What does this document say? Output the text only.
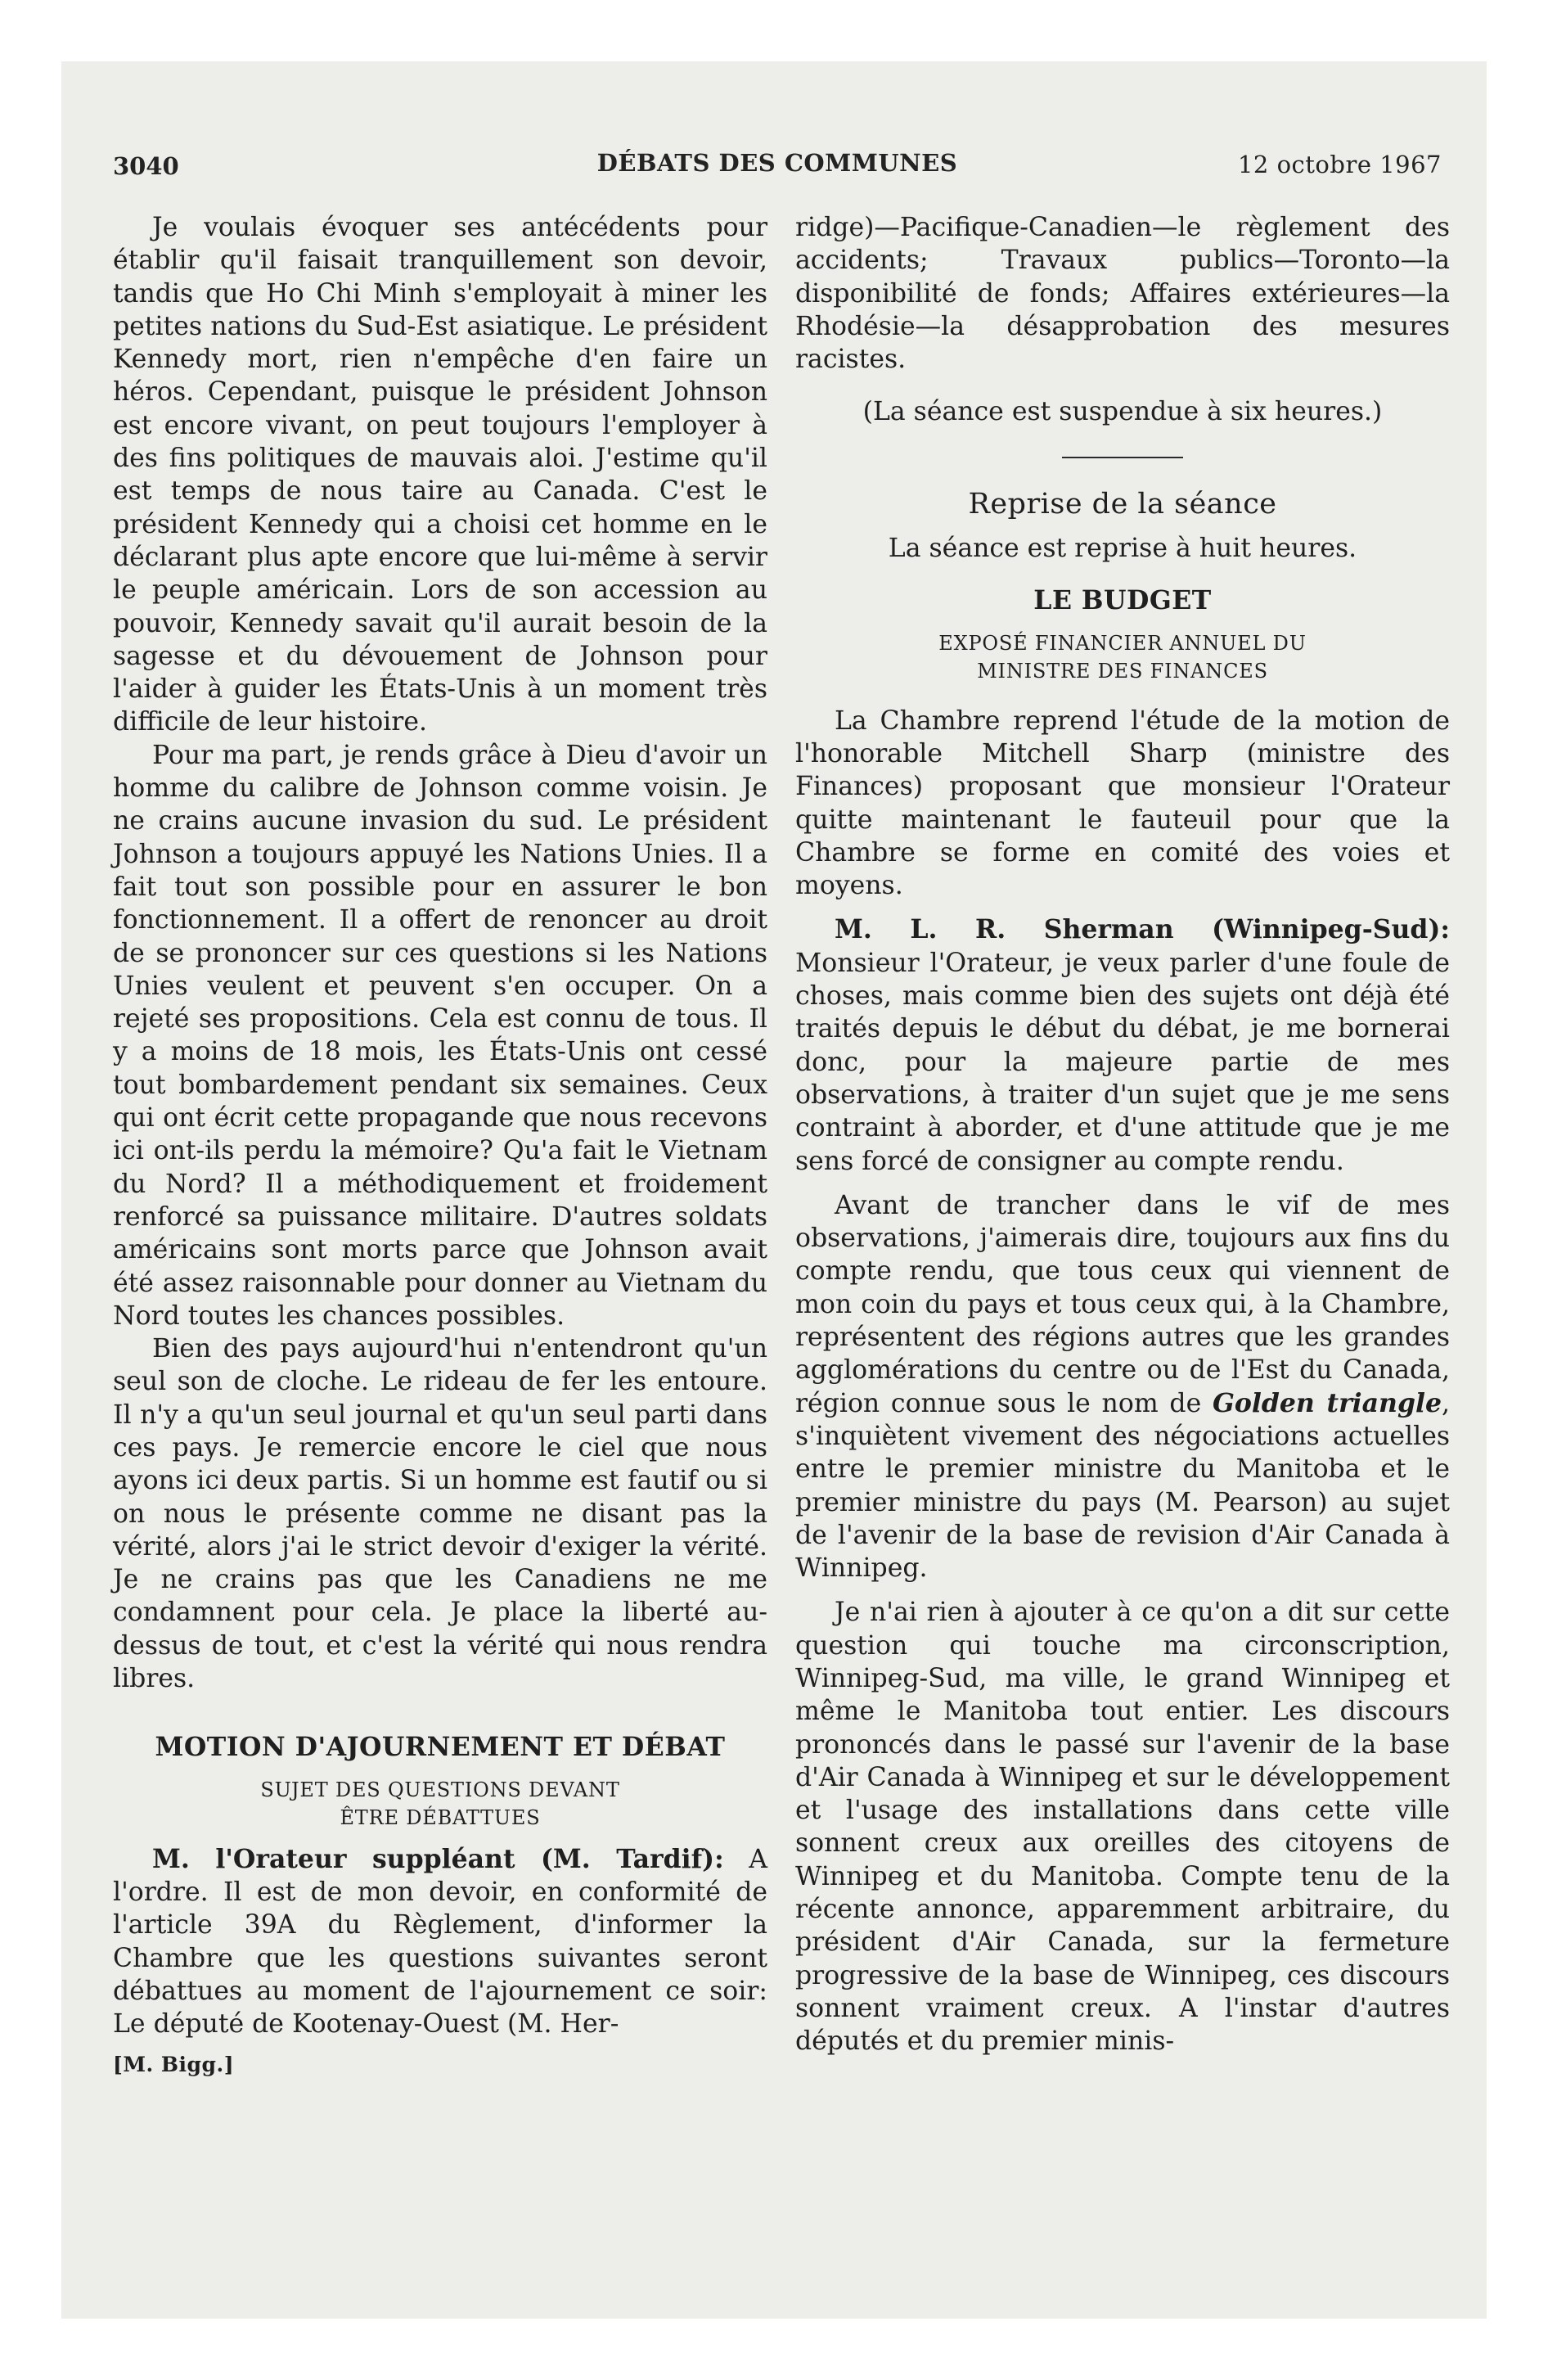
3040	DÉBATS DES COMMUNES	12 octobre 1967

Je voulais évoquer ses antécédents pour établir qu'il faisait tranquillement son devoir, tandis que Ho Chi Minh s'employait à miner les petites nations du Sud-Est asiatique. Le président Kennedy mort, rien n'empêche d'en faire un héros. Cependant, puisque le président Johnson est encore vivant, on peut toujours l'employer à des fins politiques de mauvais aloi. J'estime qu'il est temps de nous taire au Canada. C'est le président Kennedy qui a choisi cet homme en le déclarant plus apte encore que lui-même à servir le peuple américain. Lors de son accession au pouvoir, Kennedy savait qu'il aurait besoin de la sagesse et du dévouement de Johnson pour l'aider à guider les États-Unis à un moment très difficile de leur histoire.

Pour ma part, je rends grâce à Dieu d'avoir un homme du calibre de Johnson comme voisin. Je ne crains aucune invasion du sud. Le président Johnson a toujours appuyé les Nations Unies. Il a fait tout son possible pour en assurer le bon fonctionnement. Il a offert de renoncer au droit de se prononcer sur ces questions si les Nations Unies veulent et peuvent s'en occuper. On a rejeté ses propositions. Cela est connu de tous. Il y a moins de 18 mois, les États-Unis ont cessé tout bombardement pendant six semaines. Ceux qui ont écrit cette propagande que nous recevons ici ont-ils perdu la mémoire? Qu'a fait le Vietnam du Nord? Il a méthodiquement et froidement renforcé sa puissance militaire. D'autres soldats américains sont morts parce que Johnson avait été assez raisonnable pour donner au Vietnam du Nord toutes les chances possibles.

Bien des pays aujourd'hui n'entendront qu'un seul son de cloche. Le rideau de fer les entoure. Il n'y a qu'un seul journal et qu'un seul parti dans ces pays. Je remercie encore le ciel que nous ayons ici deux partis. Si un homme est fautif ou si on nous le présente comme ne disant pas la vérité, alors j'ai le strict devoir d'exiger la vérité. Je ne crains pas que les Canadiens ne me condamnent pour cela. Je place la liberté au-dessus de tout, et c'est la vérité qui nous rendra libres.

MOTION D'AJOURNEMENT ET DÉBAT
SUJET DES QUESTIONS DEVANT
ÊTRE DÉBATTUES

M. l'Orateur suppléant (M. Tardif): A l'ordre. Il est de mon devoir, en conformité de l'article 39A du Règlement, d'informer la Chambre que les questions suivantes seront débattues au moment de l'ajournement ce soir: Le député de Kootenay-Ouest (M. Her-

[M. Bigg.]

ridge)—Pacifique-Canadien—le règlement des accidents; Travaux publics—Toronto—la disponibilité de fonds; Affaires extérieures—la Rhodésie—la désapprobation des mesures racistes.

(La séance est suspendue à six heures.)

Reprise de la séance

La séance est reprise à huit heures.

LE BUDGET
EXPOSÉ FINANCIER ANNUEL DU
MINISTRE DES FINANCES

La Chambre reprend l'étude de la motion de l'honorable Mitchell Sharp (ministre des Finances) proposant que monsieur l'Orateur quitte maintenant le fauteuil pour que la Chambre se forme en comité des voies et moyens.

M. L. R. Sherman (Winnipeg-Sud): Monsieur l'Orateur, je veux parler d'une foule de choses, mais comme bien des sujets ont déjà été traités depuis le début du débat, je me bornerai donc, pour la majeure partie de mes observations, à traiter d'un sujet que je me sens contraint à aborder, et d'une attitude que je me sens forcé de consigner au compte rendu.

Avant de trancher dans le vif de mes observations, j'aimerais dire, toujours aux fins du compte rendu, que tous ceux qui viennent de mon coin du pays et tous ceux qui, à la Chambre, représentent des régions autres que les grandes agglomérations du centre ou de l'Est du Canada, région connue sous le nom de Golden triangle, s'inquiètent vivement des négociations actuelles entre le premier ministre du Manitoba et le premier ministre du pays (M. Pearson) au sujet de l'avenir de la base de revision d'Air Canada à Winnipeg.

Je n'ai rien à ajouter à ce qu'on a dit sur cette question qui touche ma circonscription, Winnipeg-Sud, ma ville, le grand Winnipeg et même le Manitoba tout entier. Les discours prononcés dans le passé sur l'avenir de la base d'Air Canada à Winnipeg et sur le développement et l'usage des installations dans cette ville sonnent creux aux oreilles des citoyens de Winnipeg et du Manitoba. Compte tenu de la récente annonce, apparemment arbitraire, du président d'Air Canada, sur la fermeture progressive de la base de Winnipeg, ces discours sonnent vraiment creux. A l'instar d'autres députés et du premier minis-
